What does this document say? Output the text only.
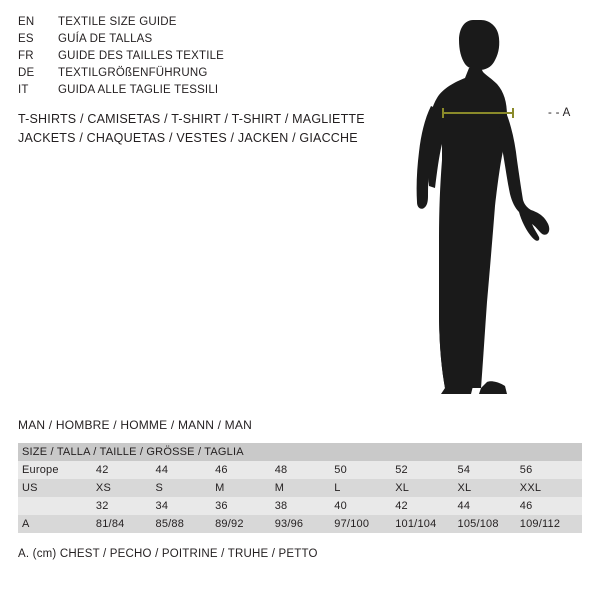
EN	TEXTILE SIZE GUIDE
ES	GUÍA DE TALLAS
FR	GUIDE DES TAILLES TEXTILE
DE	TEXTILGRÖßENFÜHRUNG
IT	GUIDA ALLE TAGLIE TESSILI
T-SHIRTS / CAMISETAS / T-SHIRT / T-SHIRT / MAGLIETTE
JACKETS / CHAQUETAS / VESTES / JACKEN / GIACCHE
- - A
MAN / HOMBRE / HOMME / MANN / MAN
SIZE / TALLA / TAILLE / GRÖSSE / TAGLIA								
Europe	42	44	46	48	50	52	54	56
US	XS	S	M	M	L	XL	XL	XXL
	32	34	36	38	40	42	44	46
A	81/84	85/88	89/92	93/96	97/100	101/104	105/108	109/112
A. (cm) CHEST / PECHO / POITRINE / TRUHE / PETTO
